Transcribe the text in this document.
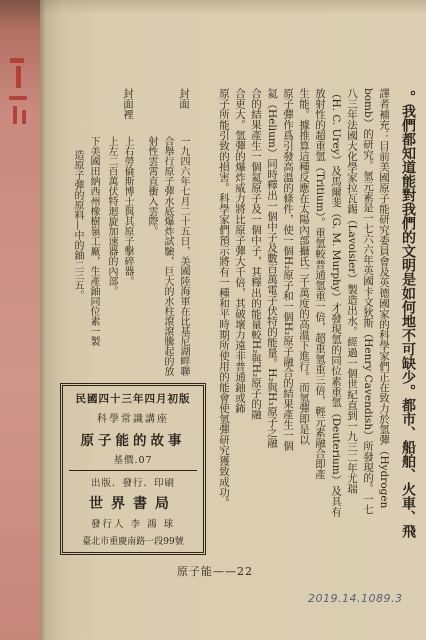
。我們都知道能對我們的文明是如何地不可缺少。都市、船舶、火車、飛
譯者補充：目前美國原子能研究委員會及英德國家的科學家們正在致力於氫彈（Hydrogen
bomb）的研究。氫元素是一七六六年英國卡文狄斯（Henry Cavendish）所發現的。一七
八三年法國大化學家拉瓦錫（Lavoisier）製造出水。經過一個世紀直到一九三二年尤瑞
（H. C. Urey）及馬爾斐（G. M. Murphy）才發現氫的同位素重氫（Deuterium）及具有
放射性的超重氫（Tritium）。重氫較普通氫重一倍，超重氫重三倍，輕元素融合即產
生能。據推算這種反應在太陽內部攝氏二千萬度的高溫下進行。而氫彈即是以
原子彈作爲引發高溫的條件，使一個H₂原子和一個H₂原子融合的結果產生一個
氦（Helium）同時釋出一個中子及數百萬電子伏特的能量。H₂與H₃原子之融
合的結果產生一個氦原子及一個中子，其釋出的能量較H₂與H₂原子的融
合更大。氫彈的爆炸威力將比原子彈大千倍，其破壞力遠非普通鈾或鈽
原子所能引致的損害。科學家們預示將有一種和平時期所使用的能會使氫彈研究獲致成功。
封面
一九四六年七月二十五日，美國陸海軍在比基尼湖畔聯
合舉行原子彈水底爆炸試驗，巨大的水柱滾滾騰起的放
射性雲霄直衝入雲際。
封面裡
上右勞倫斯博士與其原子擊碎器。
上左二百萬伏特迴旋加速器的內部。
下美國田納西州橡樹嶺工廠，生產鈾同位素一製
造原子彈的原料—中的鈾二三五。
民國四十三年四月初版
科學常識講座
原子能的故事
基價.07
出版．發行．印刷
世界書局
發行人 李 鴻 球
臺北市重慶南路一段99號
原子能——22
2019.14.1089.3
